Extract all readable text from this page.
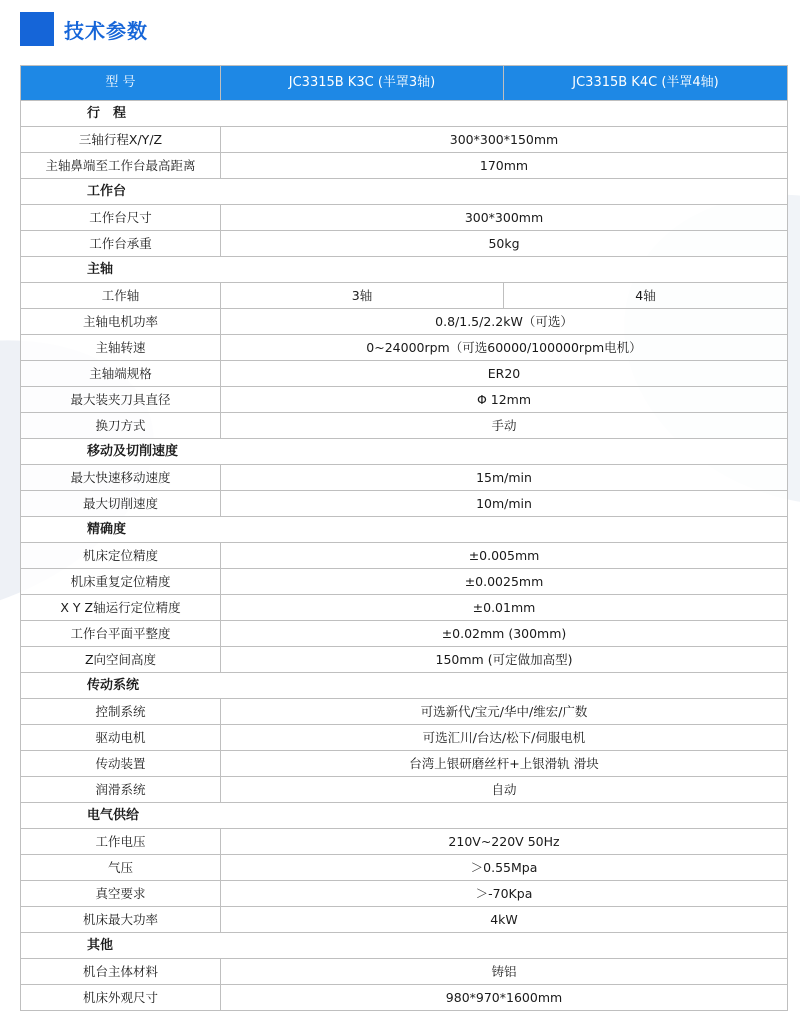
技术参数
型 号	JC3315B K3C (半罩3轴)	JC3315B K4C (半罩4轴)
行　程		
三轴行程X/Y/Z	300*300*150mm	
主轴鼻端至工作台最高距离	170mm	
工作台		
工作台尺寸	300*300mm	
工作台承重	50kg	
主轴		
工作轴	3轴	4轴
主轴电机功率	0.8/1.5/2.2kW（可选）	
主轴转速	0~24000rpm（可选60000/100000rpm电机）	
主轴端规格	ER20	
最大装夹刀具直径	Φ 12mm	
换刀方式	手动	
移动及切削速度		
最大快速移动速度	15m/min	
最大切削速度	10m/min	
精确度		
机床定位精度	±0.005mm	
机床重复定位精度	±0.0025mm	
X Y Z轴运行定位精度	±0.01mm	
工作台平面平整度	±0.02mm (300mm)	
Z向空间高度	150mm (可定做加高型)	
传动系统		
控制系统	可选新代/宝元/华中/维宏/广数	
驱动电机	可选汇川/台达/松下/伺服电机	
传动装置	台湾上银研磨丝杆+上银滑轨 滑块	
润滑系统	自动	
电气供给		
工作电压	210V~220V 50Hz	
气压	＞0.55Mpa	
真空要求	＞-70Kpa	
机床最大功率	4kW	
其他		
机台主体材料	铸铝	
机床外观尺寸	980*970*1600mm	
